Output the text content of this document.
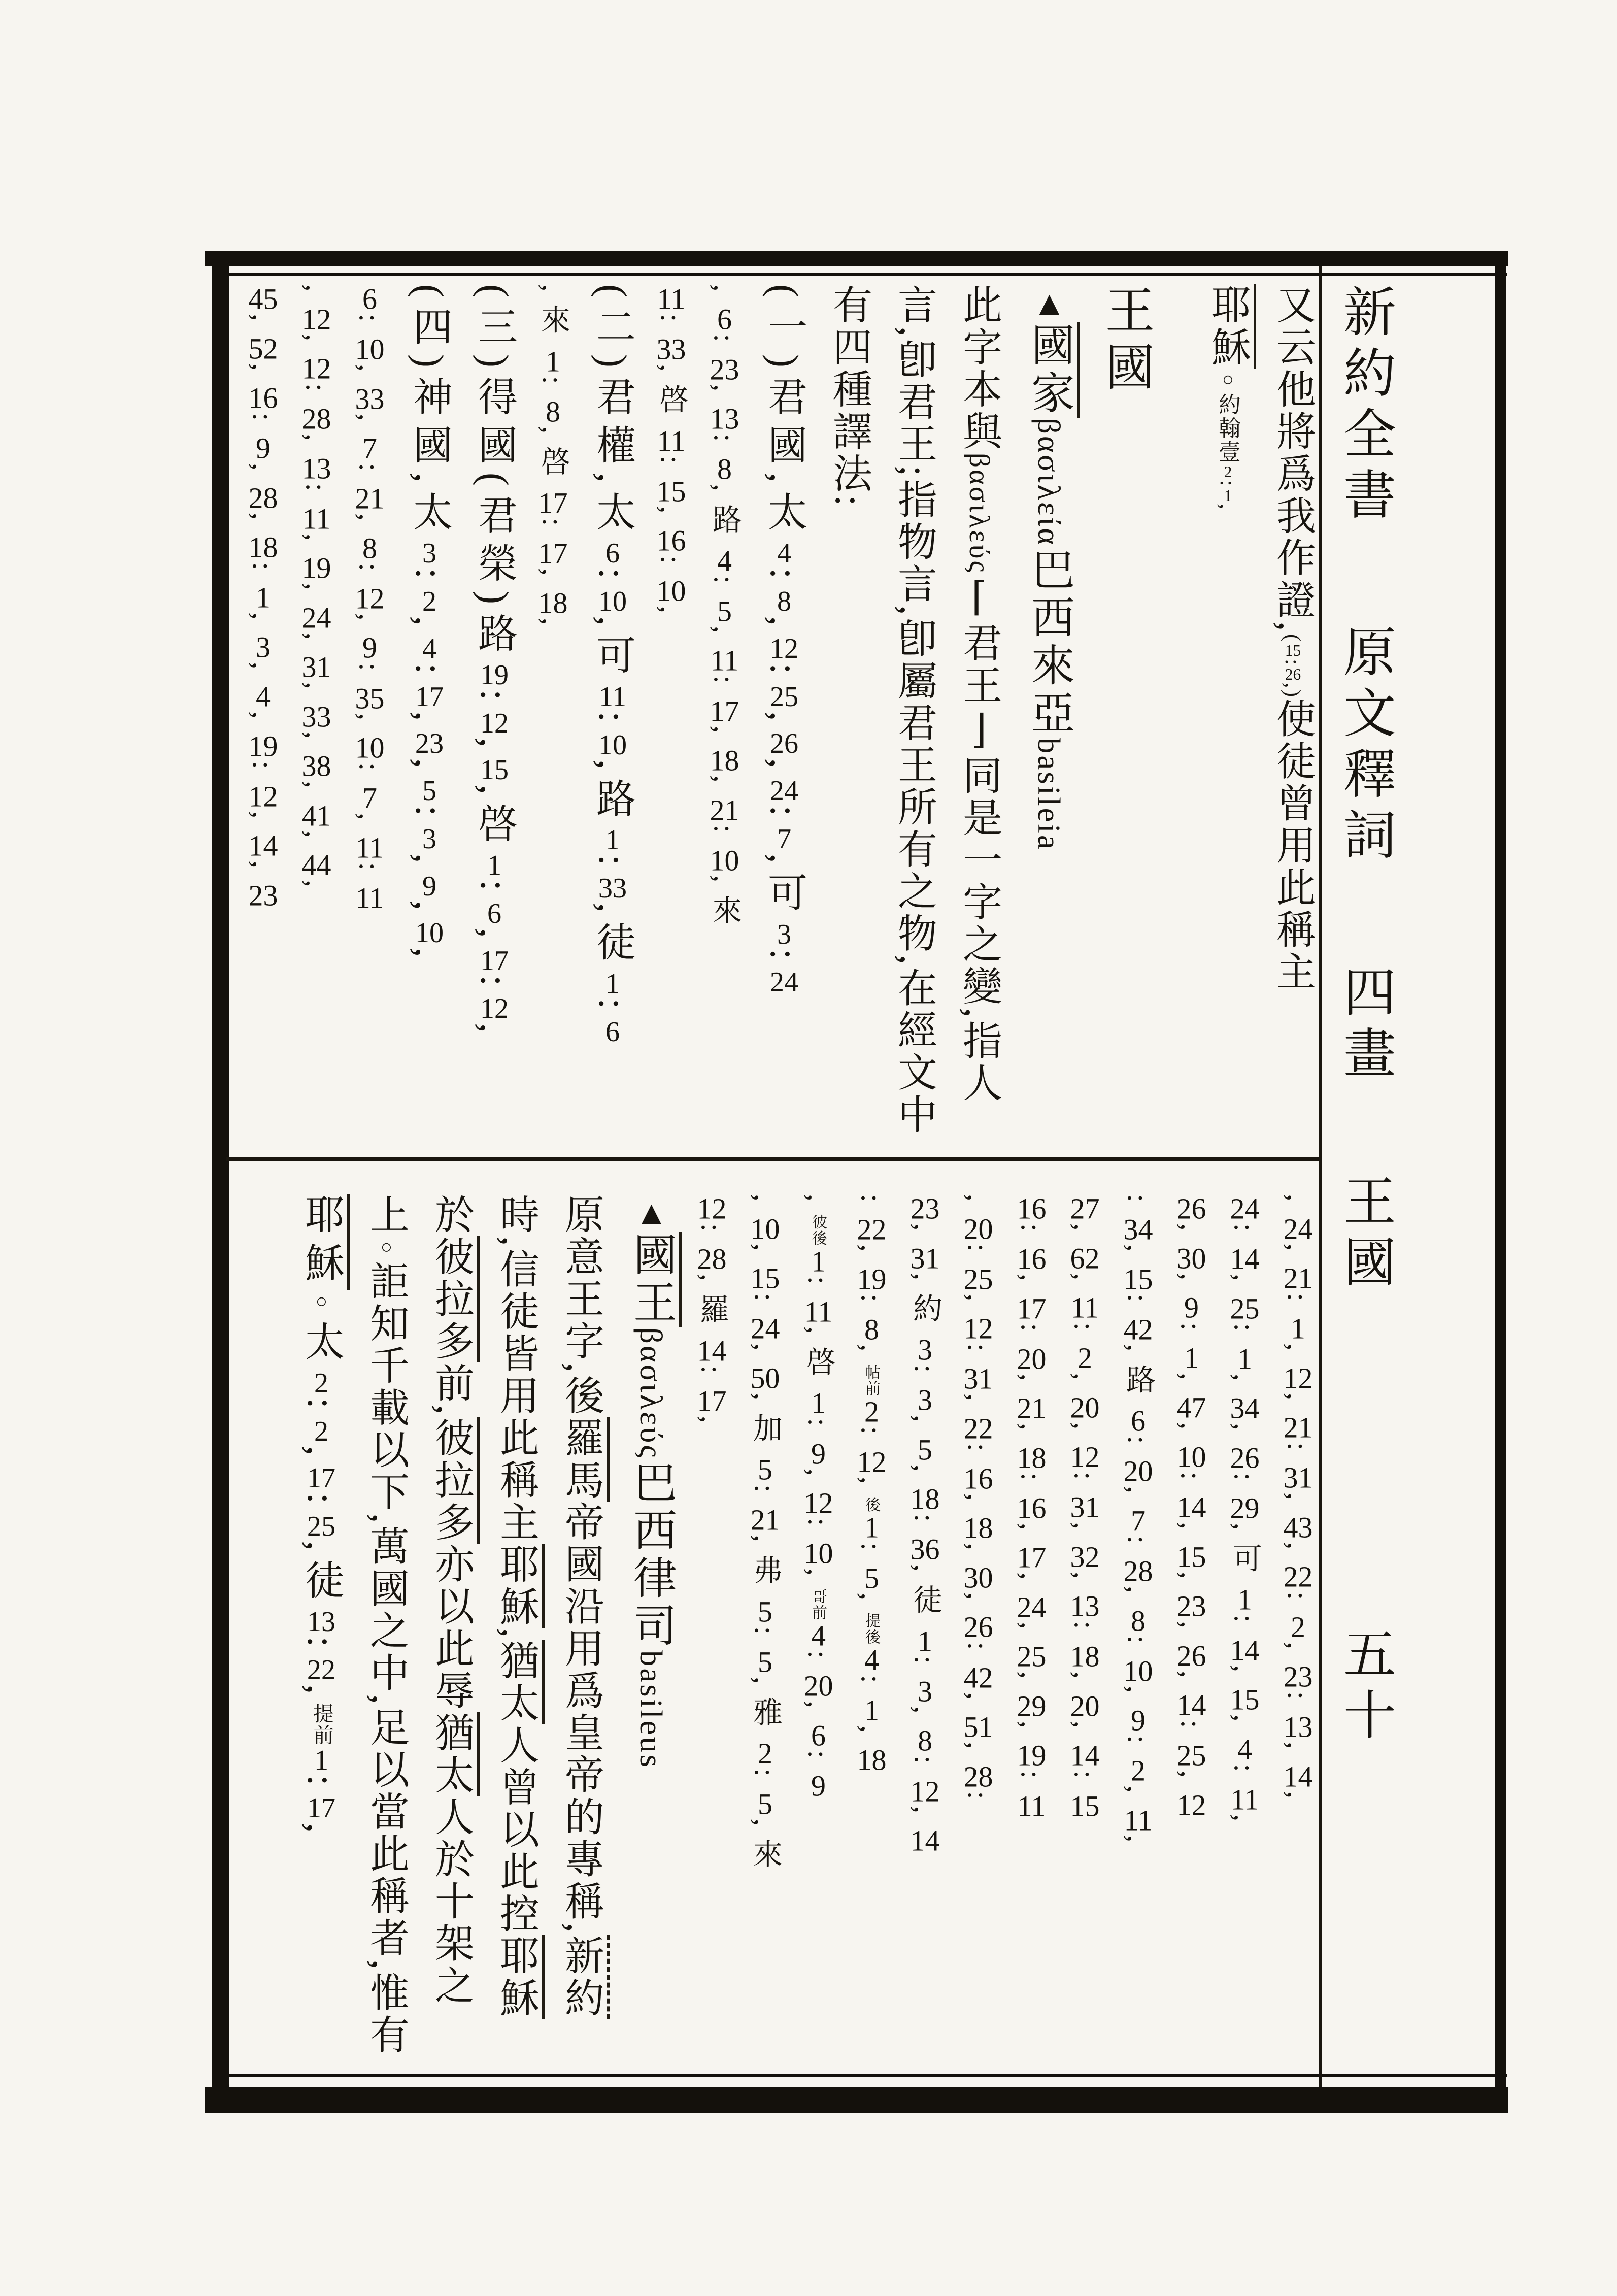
新約全書 原文釋詞 四畫 王國 五十
又云他將爲我作證,(15:26,)使徒曾用此稱主
耶穌○約翰壹2:1,
王國
▲國家βασιλεία巴西來亞basileia
此字本與βασιλεύς⌈君王⌋同是一字之變,指人
言,卽君王;指物言,卽屬君王所有之物,在經文中
有四種譯法:
(一)君國,太4:8,12:25,26,24:7,可3:24
,6:23,13:8,路4:5,11:17,18,21:10,來
11:33,啓11:15,16:10,
(二)君權,太6:10,可11:10,路1:33,徒1:6
,來1:8,啓17:17,18,
(三)得國(君榮)路19:12,15,啓1:6,17:12,
(四)神國,太3:2,4:17,23,5:3,9,10,
6:10,33,7:21,8:12,9:35,10:7,11:11
,12,12:28,13:11,19,24,31,33,38,41,44,
45,52,16:9,28,18:1,3,4,19:12,14,23
,24,21:1,12,21:31,43,22:2,23:13,14,
24:14,25:1,34,26:29,可1:14,15,4:11,
26,30,9:1,47,10:14,15,23,26,14:25,12
:34,15:42,路6:20,7:28,8:10,9:2,11,
27,62,11:2,20,12:31,32,13:18,20,14:15
16:16,17:20,21,18:16,17,24,25,29,19:11
,20:25,12:31,22:16,18,30,26:42,51,28:
23,31,約3:3,5,18:36,徒1:3,8:12,14
:22,19:8,帖前2:12,後1:5,提後4:1,18
,彼後1:11,啓1:9,12:10,哥前4:20,6:9
,10,15:24,50,加5:21,弗5:5,雅2:5,來
12:28,羅14:17,
▲國王βασιλεύς巴西律司basileus
原意王字,後羅馬帝國沿用爲皇帝的專稱,新約
時,信徒皆用此稱主耶穌,猶太人曾以此控耶穌
於彼拉多前,彼拉多亦以此辱猶太人於十架之
上○詎知千載以下,萬國之中,足以當此稱者,惟有
耶穌○太2:2,17:25,徒13:22,提前1:17,
